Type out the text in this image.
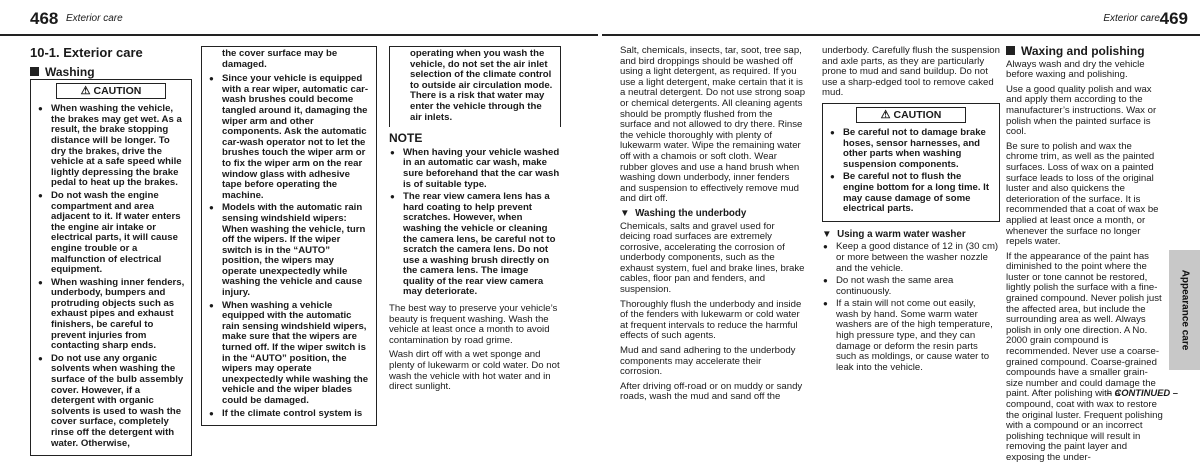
468 Exterior care
10-1. Exterior care
Washing
⚠ CAUTION
● When washing the vehicle, the brakes may get wet. As a result, the brake stopping distance will be longer. To dry the brakes, drive the vehicle at a safe speed while lightly depressing the brake pedal to heat up the brakes.
● Do not wash the engine compartment and area adjacent to it. If water enters the engine air intake or electrical parts, it will cause engine trouble or a malfunction of electrical equipment.
● When washing inner fenders, underbody, bumpers and protruding objects such as exhaust pipes and exhaust finishers, be careful to prevent injuries from contacting sharp ends.
● Do not use any organic solvents when washing the surface of the bulb assembly cover. However, if a detergent with organic solvents is used to wash the cover surface, completely rinse off the detergent with water. Otherwise,

the cover surface may be damaged.

● Since your vehicle is equipped with a rear wiper, automatic car-wash brushes could become tangled around it, damaging the wiper arm and other components. Ask the automatic car-wash operator not to let the brushes touch the wiper arm or to fix the wiper arm on the rear window glass with adhesive tape before operating the machine.
● Models with the automatic rain sensing windshield wipers: When washing the vehicle, turn off the wipers. If the wiper switch is in the “AUTO” position, the wipers may operate unexpectedly while washing the vehicle and cause injury.
● When washing a vehicle equipped with the automatic rain sensing windshield wipers, make sure that the wipers are turned off. If the wiper switch is in the “AUTO” position, the wipers may operate unexpectedly while washing the vehicle and the wiper blades could be damaged.
● If the climate control system is

operating when you wash the vehicle, do not set the air inlet selection of the climate control to outside air circulation mode. There is a risk that water may enter the vehicle through the air inlets.

NOTE
● When having your vehicle washed in an automatic car wash, make sure beforehand that the car wash is of suitable type.
● The rear view camera lens has a hard coating to help prevent scratches. However, when washing the vehicle or cleaning the camera lens, be careful not to scratch the camera lens. Do not use a washing brush directly on the camera lens. The image quality of the rear view camera may deteriorate.

The best way to preserve your vehicle’s beauty is frequent washing. Wash the vehicle at least once a month to avoid contamination by road grime.

Wash dirt off with a wet sponge and plenty of lukewarm or cold water. Do not wash the vehicle with hot water and in direct sunlight.

Exterior care 469

Salt, chemicals, insects, tar, soot, tree sap, and bird droppings should be washed off using a light detergent, as required. If you use a light detergent, make certain that it is a neutral detergent. Do not use strong soap or chemical detergents. All cleaning agents should be promptly flushed from the surface and not allowed to dry there. Rinse the vehicle thoroughly with plenty of lukewarm water. Wipe the remaining water off with a chamois or soft cloth. Wear rubber gloves and use a hand brush when washing down underbody, inner fenders and suspension to effectively remove mud and dirt off.

▼  Washing the underbody

Chemicals, salts and gravel used for deicing road surfaces are extremely corrosive, accelerating the corrosion of underbody components, such as the exhaust system, fuel and brake lines, brake cables, floor pan and fenders, and suspension.

Thoroughly flush the underbody and inside of the fenders with lukewarm or cold water at frequent intervals to reduce the harmful effects of such agents.

Mud and sand adhering to the underbody components may accelerate their corrosion.

After driving off-road or on muddy or sandy roads, wash the mud and sand off the

underbody. Carefully flush the suspension and axle parts, as they are particularly prone to mud and sand buildup. Do not use a sharp-edged tool to remove caked mud.

⚠ CAUTION
● Be careful not to damage brake hoses, sensor harnesses, and other parts when washing suspension components.
● Be careful not to flush the engine bottom for a long time. It may cause damage of some electrical parts.
▼  Using a warm water washer
● Keep a good distance of 12 in (30 cm) or more between the washer nozzle and the vehicle.
● Do not wash the same area continuously.
● If a stain will not come out easily, wash by hand. Some warm water washers are of the high temperature, high pressure type, and they can damage or deform the resin parts such as moldings, or cause water to leak into the vehicle.
Waxing and polishing

Always wash and dry the vehicle before waxing and polishing.

Use a good quality polish and wax and apply them according to the manufacturer’s instructions. Wax or polish when the painted surface is cool.

Be sure to polish and wax the chrome trim, as well as the painted surfaces. Loss of wax on a painted surface leads to loss of the original luster and also quickens the deterioration of the surface. It is recommended that a coat of wax be applied at least once a month, or whenever the surface no longer repels water.

If the appearance of the paint has diminished to the point where the luster or tone cannot be restored, lightly polish the surface with a fine-grained compound. Never polish just the affected area, but include the surrounding area as well. Always polish in only one direction. A No. 2000 grain compound is recommended. Never use a coarse-grained compound. Coarse-grained compounds have a smaller grain-size number and could damage the paint. After polishing with a compound, coat with wax to restore the original luster. Frequent polishing with a compound or an incorrect polishing technique will result in removing the paint layer and exposing the under-

Appearance care
– CONTINUED –
